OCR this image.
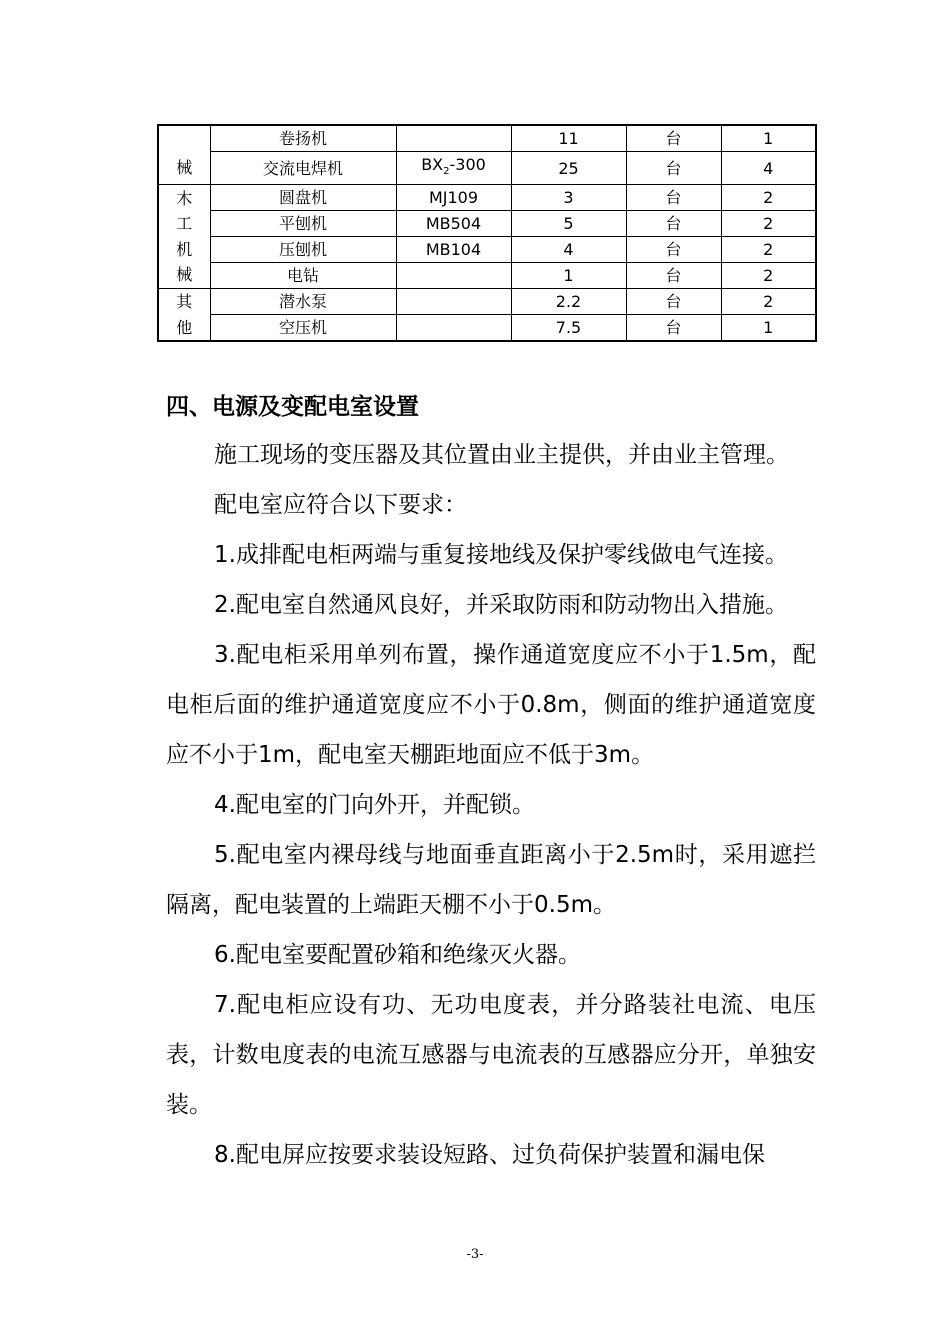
械	卷扬机		11	台	1
	交流电焊机	$BX_2-300$	25	台	4

木
工
机
械	圆盘机	MJ109	3	台	2
	平刨机	MB504	5	台	2
	压刨机	MB104	4	台	2
	电钻		1	台	2

其
他	潜水泵		2.2	台	2
	空压机		7.5	台	1
四、电源及变配电室设置

施工现场的变压器及其位置由业主提供，并由业主管理。

配电室应符合以下要求：

1.成排配电柜两端与重复接地线及保护零线做电气连接。

2.配电室自然通风良好，并采取防雨和防动物出入措施。

3.配电柜采用单列布置，操作通道宽度应不小于1.5m，配电柜后面的维护通道宽度应不小于0.8m，侧面的维护通道宽度应不小于1m，配电室天棚距地面应不低于3m。

4.配电室的门向外开，并配锁。

5.配电室内裸母线与地面垂直距离小于2.5m时，采用遮拦隔离，配电装置的上端距天棚不小于0.5m。

6.配电室要配置砂箱和绝缘灭火器。

7.配电柜应设有功、无功电度表，并分路装社电流、电压表，计数电度表的电流互感器与电流表的互感器应分开，单独安装。

8.配电屏应按要求装设短路、过负荷保护装置和漏电保

-3-
